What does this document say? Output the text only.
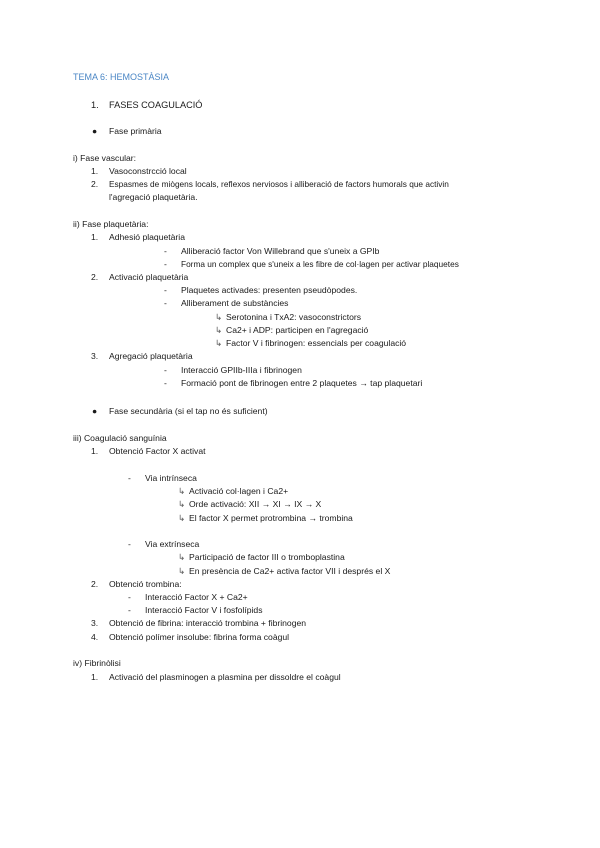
TEMA 6: HEMOSTÀSIA
1. FASES COAGULACIÓ
● Fase primària
i) Fase vascular:
1. Vasoconstrcció local
2. Espasmes de miògens locals, reflexos nerviosos i alliberació de factors humorals que activin
l'agregació plaquetària.
ii) Fase plaquetària:
1. Adhesió plaquetària
- Alliberació factor Von Willebrand que s'uneix a GPIb
- Forma un complex que s'uneix a les fibre de col·lagen per activar plaquetes
2. Activació plaquetària
- Plaquetes activades: presenten pseudòpodes.
- Alliberament de substàncies
↳ Serotonina i TxA2: vasoconstrictors
↳ Ca2+ i ADP: participen en l'agregació
↳ Factor V i fibrinogen: essencials per coagulació
3. Agregació plaquetària
- Interacció GPIIb-IIIa i fibrinogen
- Formació pont de fibrinogen entre 2 plaquetes → tap plaquetari
● Fase secundària (si el tap no és suficient)
iii) Coagulació sanguínia
1. Obtenció Factor X activat
- Via intrínseca
↳ Activació col·lagen i Ca2+
↳ Orde activació: XII → XI → IX → X
↳ El factor X permet protrombina → trombina
- Via extrínseca
↳ Participació de factor III o tromboplastina
↳ En presència de Ca2+ activa factor VII i després el X
2. Obtenció trombina:
- Interacció Factor X + Ca2+
- Interacció Factor V i fosfolípids
3. Obtenció de fibrina: interacció trombina + fibrinogen
4. Obtenció polímer insolube: fibrina forma coàgul
iv) Fibrinòlisi
1. Activació del plasminogen a plasmina per dissoldre el coàgul
